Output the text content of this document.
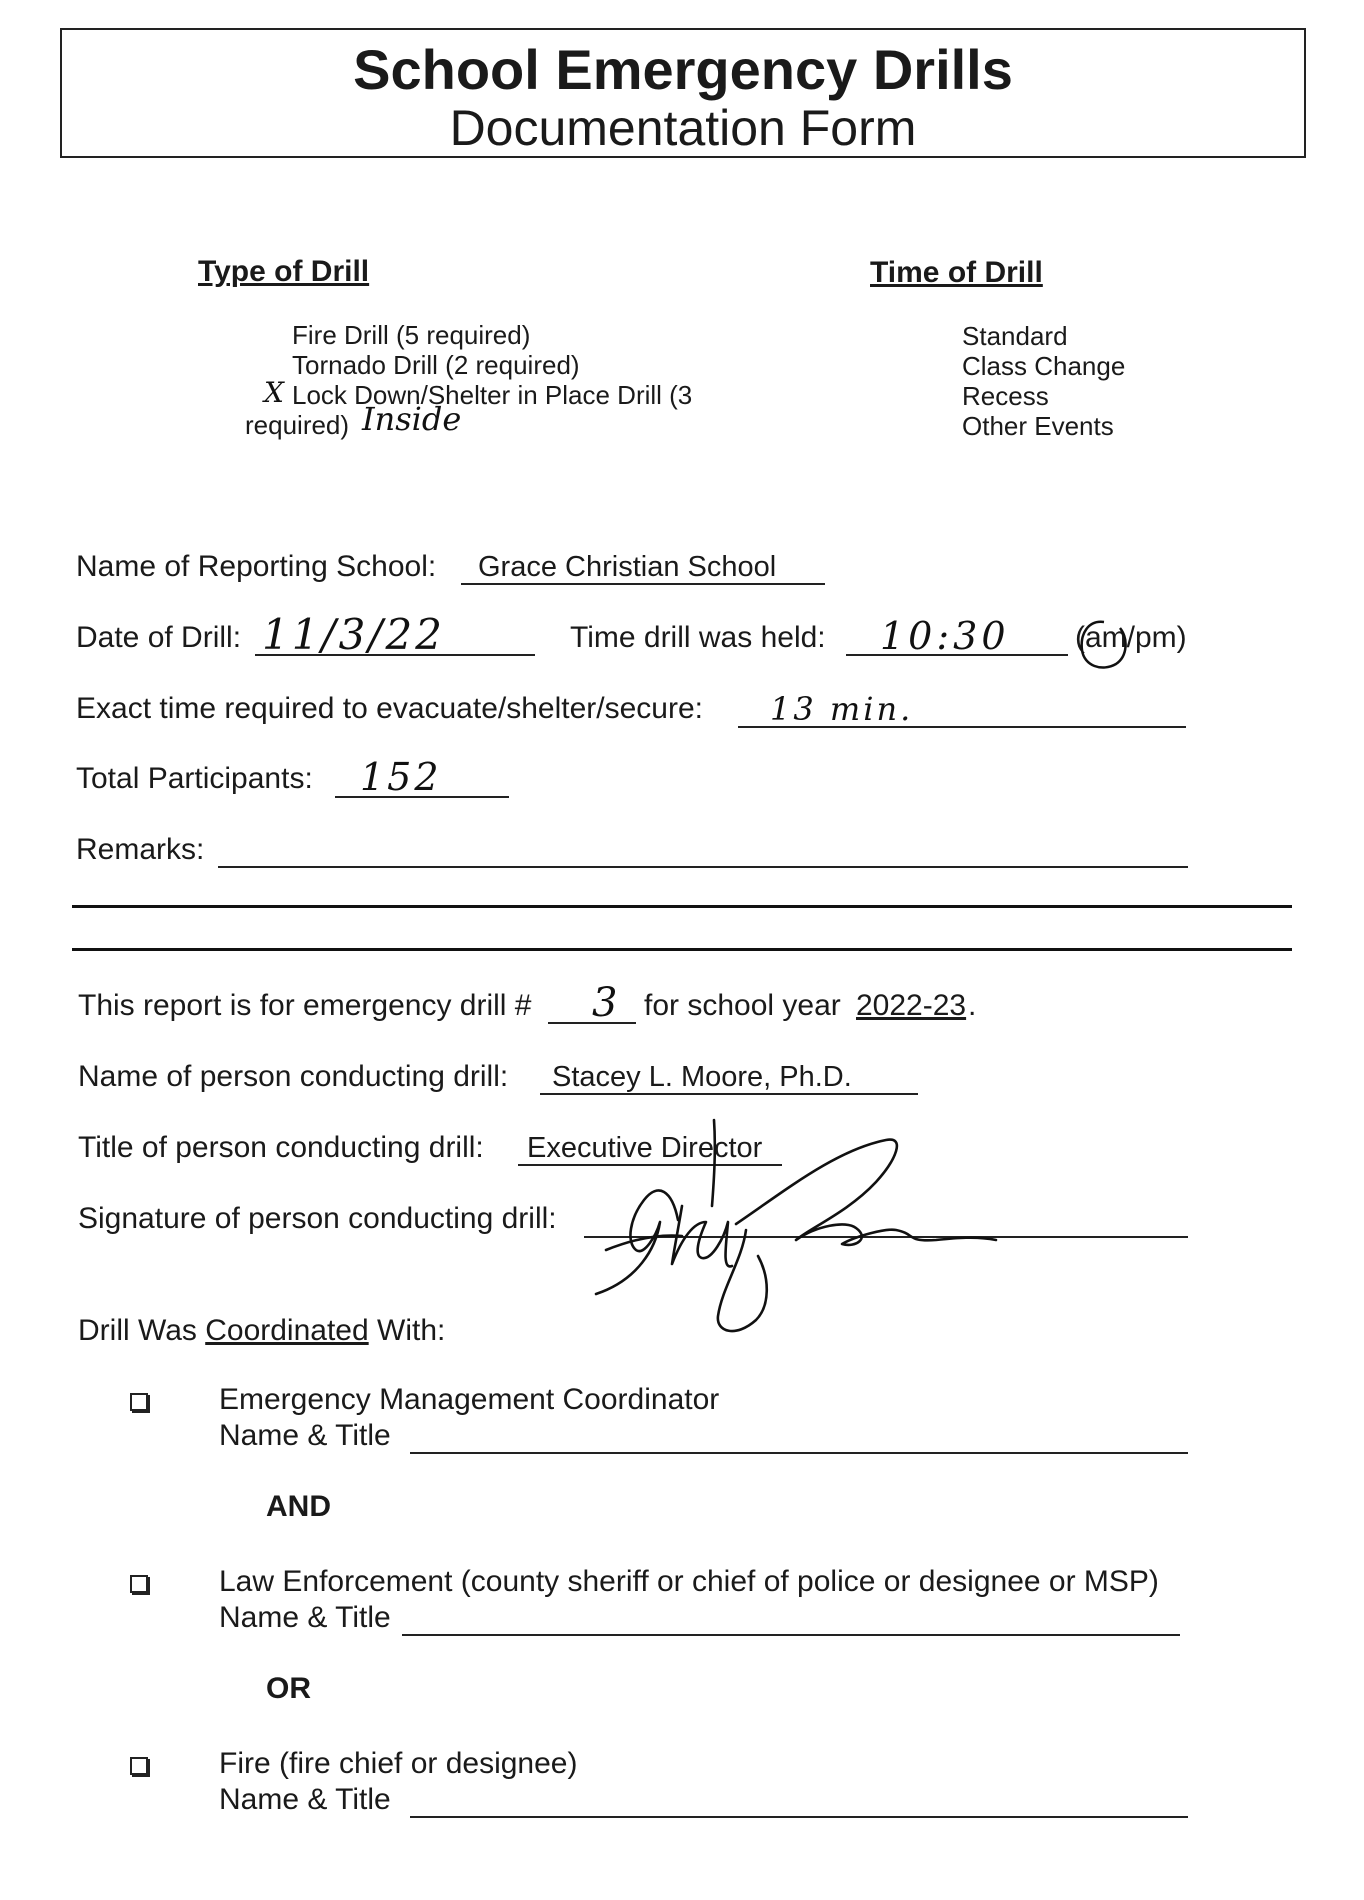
School Emergency Drills
Documentation Form
Type of Drill
Fire Drill (5 required)
Tornado Drill (2 required)
X Lock Down/Shelter in Place Drill (3
required) Inside
Time of Drill
Standard
Class Change
Recess
Other Events
Name of Reporting School: Grace Christian School
Date of Drill: 11/3/22	Time drill was held: 10:30 (am/pm)
Exact time required to evacuate/shelter/secure: 13 min.
Total Participants: 152
Remarks:
This report is for emergency drill # 3 for school year 2022-23 .
Name of person conducting drill: Stacey L. Moore, Ph.D.
Title of person conducting drill: Executive Director
Signature of person conducting drill:
Drill Was Coordinated With:
Emergency Management Coordinator
Name & Title
AND
Law Enforcement (county sheriff or chief of police or designee or MSP)
Name & Title
OR
Fire (fire chief or designee)
Name & Title
